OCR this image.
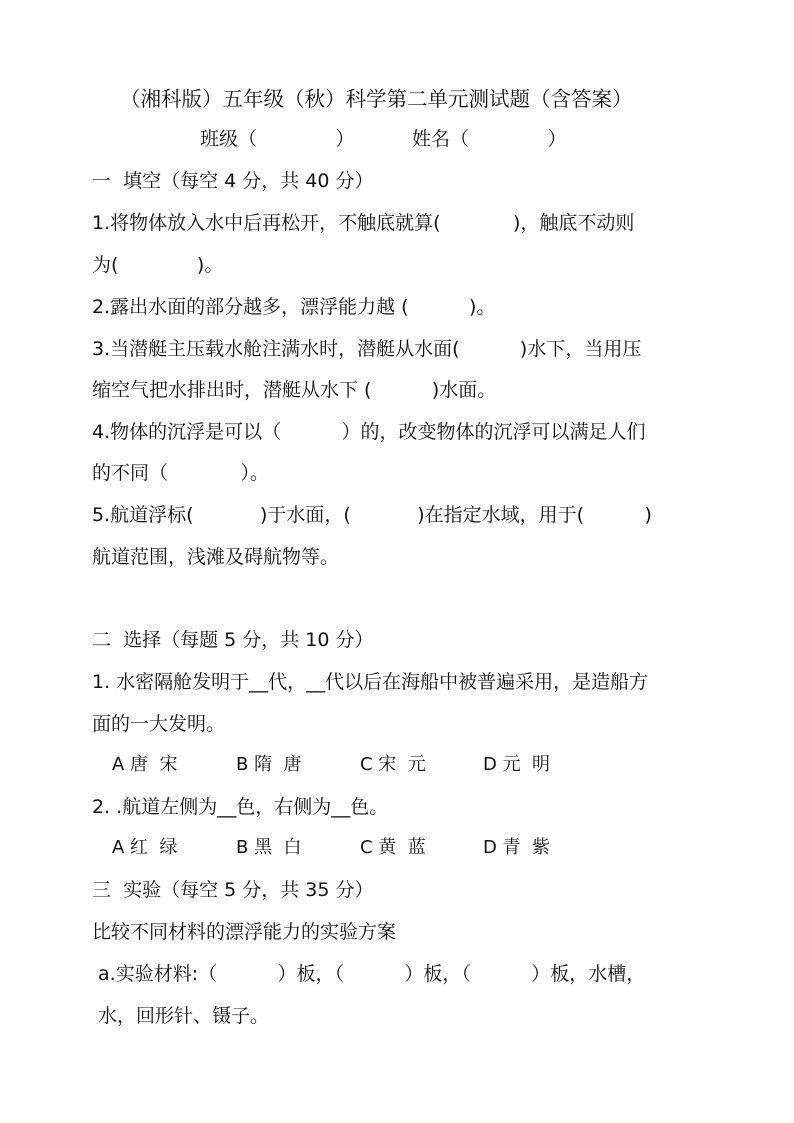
（湘科版）五年级（秋）科学第二单元测试题（含答案）
班级（             ）	姓名（             ）
一  填空（每空 4 分，共 40 分）
1.将物体放入水中后再松开，不触底就算(            )，触底不动则
为(             )。
2.露出水面的部分越多，漂浮能力越 (          )。
3.当潜艇主压载水舱注满水时，潜艇从水面(          )水下，当用压
缩空气把水排出时，潜艇从水下 (          )水面。
4.物体的沉浮是可以（          ）的，改变物体的沉浮可以满足人们
的不同（            ）。
5.航道浮标(           )于水面，(           )在指定水域，用于(          )
航道范围，浅滩及碍航物等。
二  选择（每题 5 分，共 10 分）
1. 水密隔舱发明于__代，__代以后在海船中被普遍采用，是造船方
面的一大发明。
A 唐  宋	B 隋  唐	C 宋  元	D 元  明
2. .航道左侧为__色，右侧为__色。
A 红  绿	B 黑  白	C 黄  蓝	D 青  紫
三  实验（每空 5 分，共 35 分）
比较不同材料的漂浮能力的实验方案
a.实验材料:（          ）板，（          ）板，（          ）板，水槽，
水，回形针、镊子。
